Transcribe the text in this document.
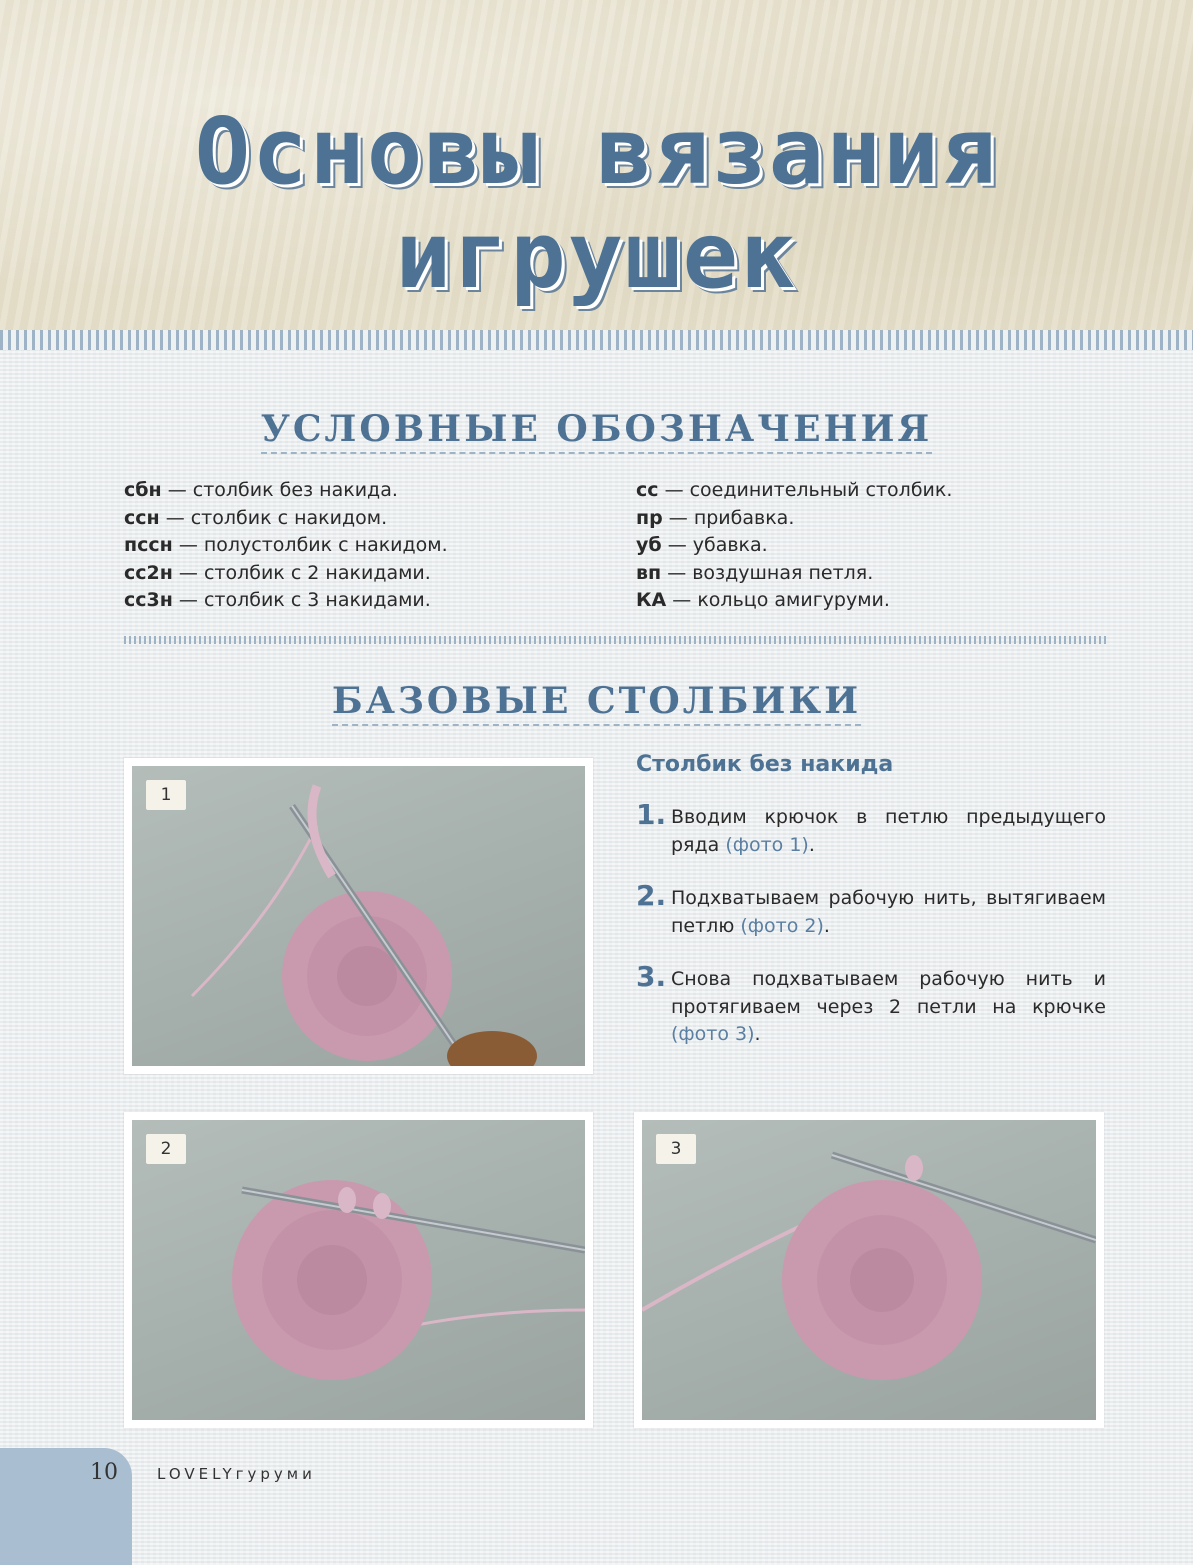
Основы вязания
игрушек
УСЛОВНЫЕ ОБОЗНАЧЕНИЯ
сбн — столбик без накида.
ссн — столбик с накидом.
пссн — полустолбик с накидом.
сс2н — столбик с 2 накидами.
сс3н — столбик с 3 накидами.
сс — соединительный столбик.
пр — прибавка.
уб — убавка.
вп — воздушная петля.
КА — кольцо амигуруми.
БАЗОВЫЕ СТОЛБИКИ
1
2	3
Столбик без накида
1. Вводим крючок в петлю предыдущего ряда (фото 1).
2. Подхватываем рабочую нить, вытягиваем петлю (фото 2).
3. Снова подхватываем рабочую нить и протягиваем через 2 петли на крючке (фото 3).
10	LOVELYгуруми
